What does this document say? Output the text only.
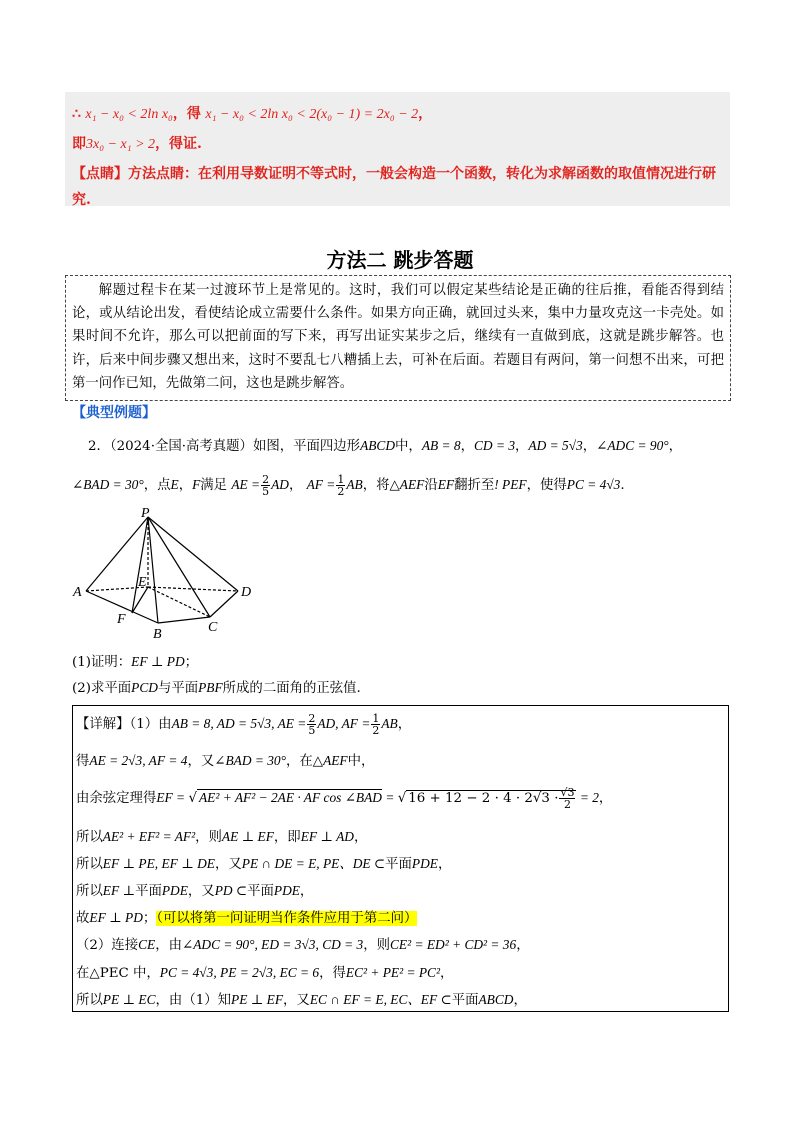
∴ x₁ − x₀ < 2ln x₀，得 x₁ − x₀ < 2ln x₀ < 2(x₀ − 1) = 2x₀ − 2，
即3x₀ − x₁ > 2，得证.
【点睛】方法点睛：在利用导数证明不等式时，一般会构造一个函数，转化为求解函数的取值情况进行研
究.
方法二 跳步答题
解题过程卡在某一过渡环节上是常见的。这时，我们可以假定某些结论是正确的往后推，看能否得到结论，或从结论出发，看使结论成立需要什么条件。如果方向正确，就回过头来，集中力量攻克这一卡壳处。如果时间不允许，那么可以把前面的写下来，再写出证实某步之后，继续有一直做到底，这就是跳步解答。也许，后来中间步骤又想出来，这时不要乱七八糟插上去，可补在后面。若题目有两问，第一问想不出来，可把第一问作已知，先做第二问，这也是跳步解答。
【典型例题】
2．（2024·全国·高考真题）如图，平面四边形ABCD中，AB = 8，CD = 3，AD = 5√3，∠ADC = 90°，
∠BAD = 30°，点E，F满足 AE = $\frac{2}{5}$ AD， AF = $\frac{1}{2}$ AB，将△AEF沿EF翻折至! PEF，使得PC = 4√3.
P
A
E
D
F
B	C
(1)证明：EF ⊥ PD；
(2)求平面PCD与平面PBF所成的二面角的正弦值.
【详解】（1）由AB = 8, AD = 5√3, AE = $\frac{2}{5}$ AD, AF = $\frac{1}{2}$ AB，
得AE = 2√3, AF = 4，又∠BAD = 30°，在△AEF中，
由余弦定理得EF = √ AE² + AF² − 2AE · AF cos ∠BAD = √ $16 + 12 - 2 \cdot 4 \cdot 2√3 \cdot \frac{√3}{2} = 2$，
所以AE² + EF² = AF²，则AE ⊥ EF，即EF ⊥ AD，
所以EF ⊥ PE, EF ⊥ DE，又PE ∩ DE = E, PE、DE ⊂平面PDE，
所以EF ⊥平面PDE，又PD ⊂平面PDE，
故EF ⊥ PD；（可以将第一问证明当作条件应用于第二问）
（2）连接CE，由∠ADC = 90°, ED = 3√3, CD = 3，则CE² = ED² + CD² = 36，
在△PEC 中，PC = 4√3, PE = 2√3, EC = 6，得EC² + PE² = PC²，
所以PE ⊥ EC，由（1）知PE ⊥ EF，又EC ∩ EF = E, EC、EF ⊂平面ABCD，
